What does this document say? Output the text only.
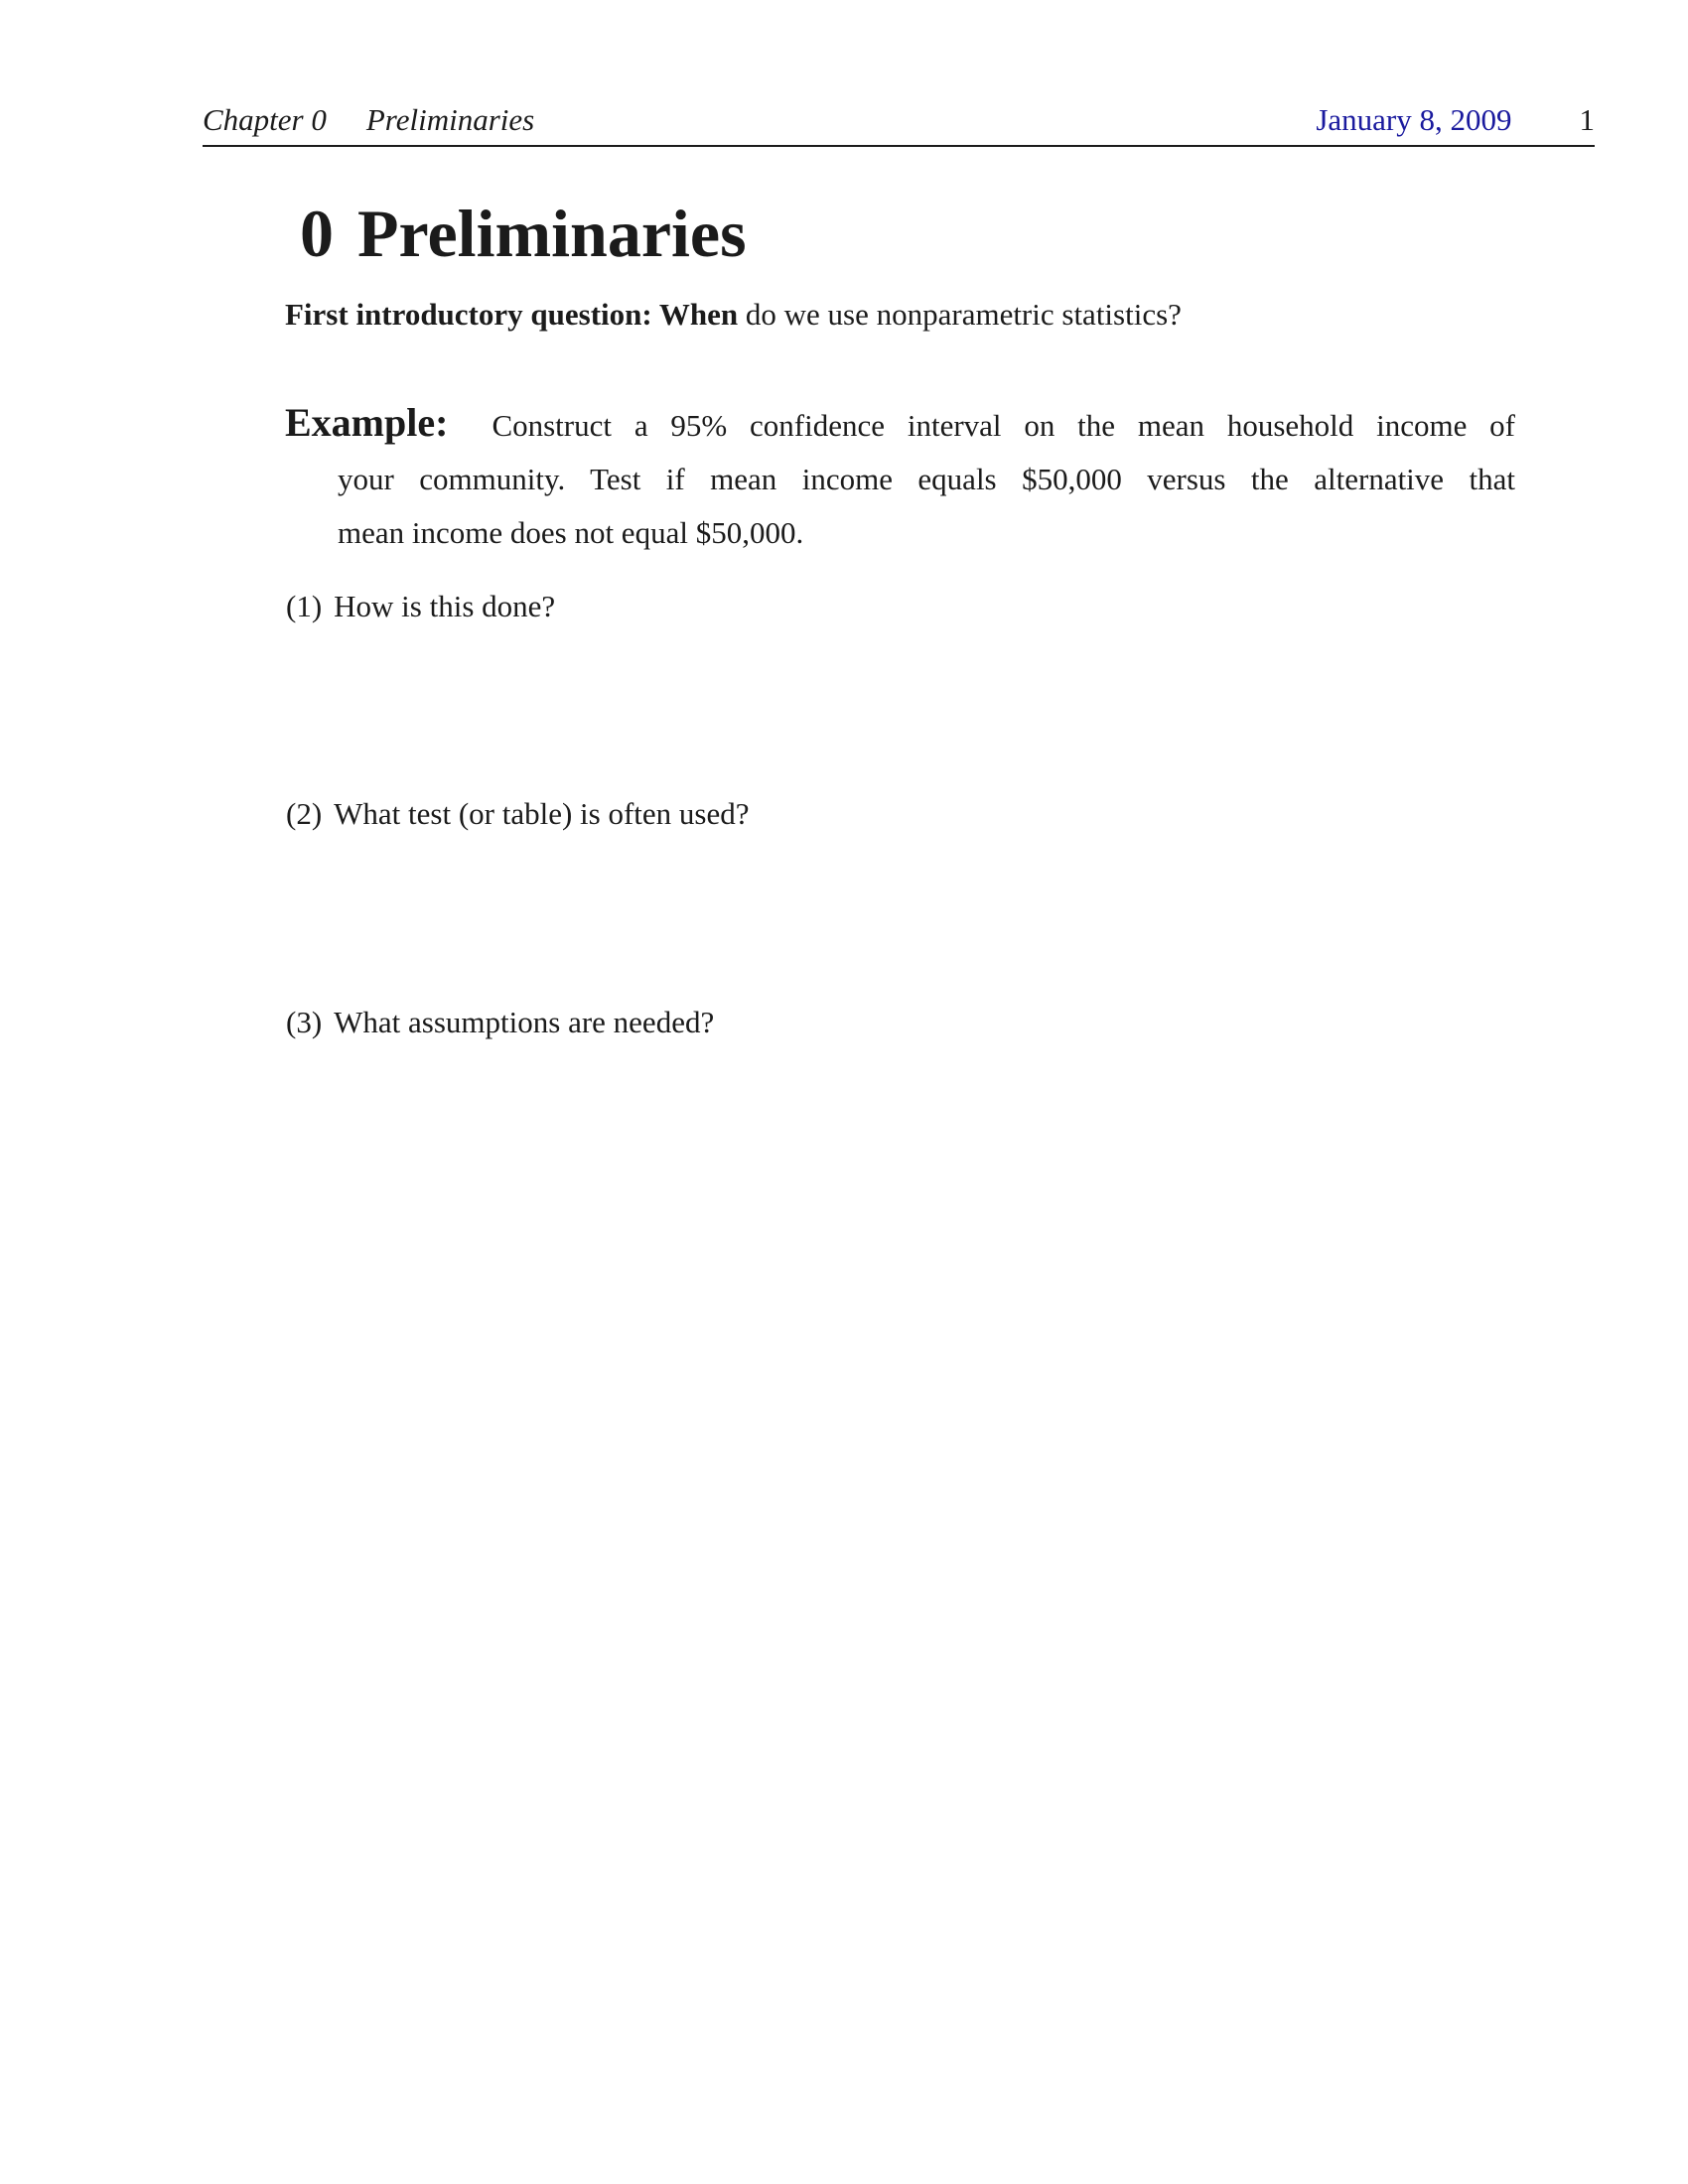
Chapter 0 Preliminaries	January 8, 2009 1
0 Preliminaries
First introductory question: When do we use nonparametric statistics?
Example: Construct a 95% confidence interval on the mean household income of
your community. Test if mean income equals $50,000 versus the alternative that
mean income does not equal $50,000.
(1) How is this done?
(2) What test (or table) is often used?
(3) What assumptions are needed?
